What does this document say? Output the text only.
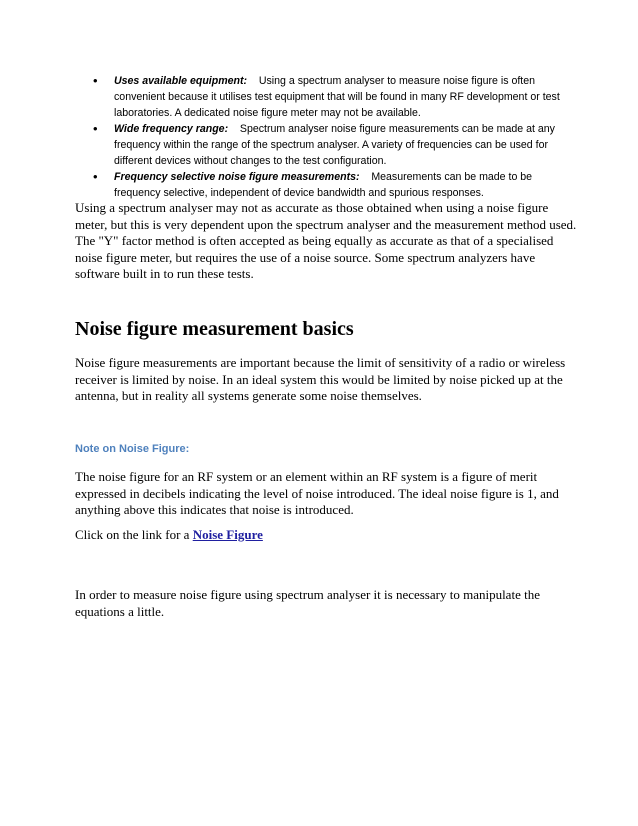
• Uses available equipment: Using a spectrum analyser to measure noise figure is often convenient because it utilises test equipment that will be found in many RF development or test laboratories. A dedicated noise figure meter may not be available.

• Wide frequency range: Spectrum analyser noise figure measurements can be made at any frequency within the range of the spectrum analyser. A variety of frequencies can be used for different devices without changes to the test configuration.

• Frequency selective noise figure measurements: Measurements can be made to be frequency selective, independent of device bandwidth and spurious responses.

Using a spectrum analyser may not as accurate as those obtained when using a noise figure meter, but this is very dependent upon the spectrum analyser and the measurement method used. The "Y" factor method is often accepted as being equally as accurate as that of a specialised noise figure meter, but requires the use of a noise source. Some spectrum analyzers have software built in to run these tests.
Noise figure measurement basics
Noise figure measurements are important because the limit of sensitivity of a radio or wireless receiver is limited by noise. In an ideal system this would be limited by noise picked up at the antenna, but in reality all systems generate some noise themselves.
Note on Noise Figure:
The noise figure for an RF system or an element within an RF system is a figure of merit expressed in decibels indicating the level of noise introduced. The ideal noise figure is 1, and anything above this indicates that noise is introduced.
Click on the link for a Noise Figure
In order to measure noise figure using spectrum analyser it is necessary to manipulate the equations a little.
